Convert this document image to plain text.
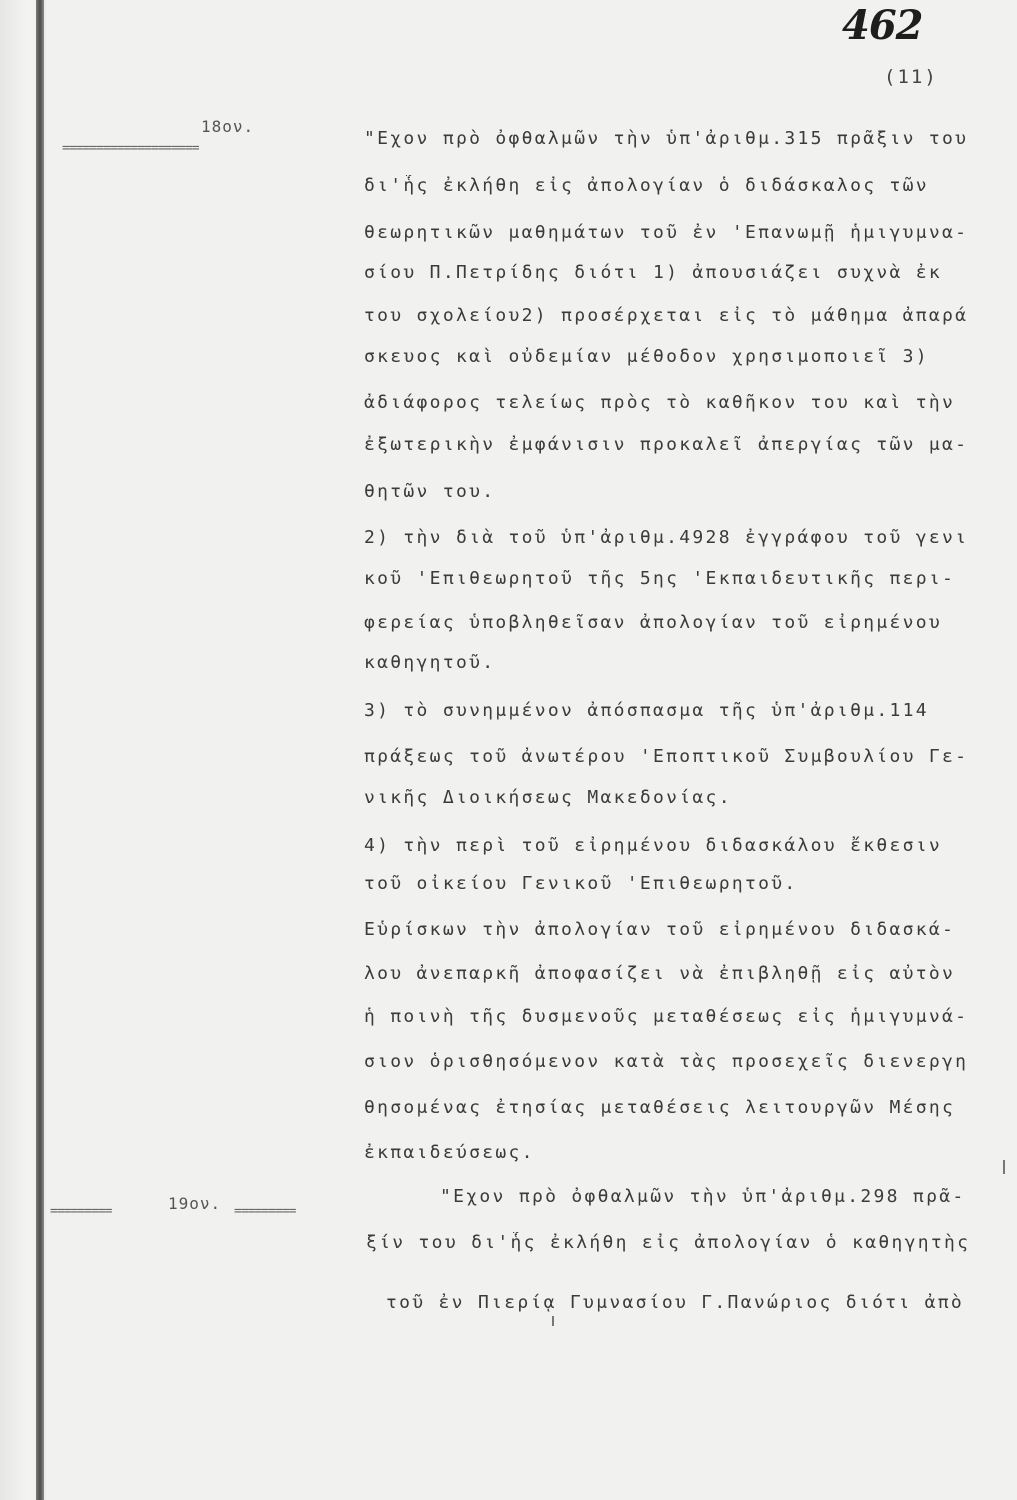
462
(11)
18ον.
====================	"Εχον πρὸ ὀφθαλμῶν τὴν ὑπ'ἀριθμ.315 πρᾶξιν του
δι'ἧς ἐκλήθη εἰς ἀπολογίαν ὁ διδάσκαλος τῶν
θεωρητικῶν μαθημάτων τοῦ ἐν 'Επανωμῇ ἡμιγυμνα-
σίου Π.Πετρίδης διότι 1) ἀπουσιάζει συχνὰ ἐκ
του σχολείου2) προσέρχεται εἰς τὸ μάθημα ἀπαρά
σκευος καὶ οὐδεμίαν μέθοδον χρησιμοποιεῖ 3)
ἀδιάφορος τελείως πρὸς τὸ καθῆκον του καὶ τὴν
ἐξωτερικὴν ἐμφάνισιν προκαλεῖ ἀπεργίας τῶν μα-
θητῶν του.
2) τὴν διὰ τοῦ ὑπ'ἀριθμ.4928 ἐγγράφου τοῦ γενι
κοῦ 'Επιθεωρητοῦ τῆς 5ης 'Εκπαιδευτικῆς περι-
φερείας ὑποβληθεῖσαν ἀπολογίαν τοῦ εἰρημένου
καθηγητοῦ.
3) τὸ συνημμένον ἀπόσπασμα τῆς ὑπ'ἀριθμ.114
πράξεως τοῦ ἀνωτέρου 'Εποπτικοῦ Συμβουλίου Γε-
νικῆς Διοικήσεως Μακεδονίας.
4) τὴν περὶ τοῦ εἰρημένου διδασκάλου ἔκθεσιν
τοῦ οἰκείου Γενικοῦ 'Επιθεωρητοῦ.
Εὑρίσκων τὴν ἀπολογίαν τοῦ εἰρημένου διδασκά-
λου ἀνεπαρκῆ ἀποφασίζει νὰ ἐπιβληθῇ εἰς αὐτὸν
ἡ ποινὴ τῆς δυσμενοῦς μεταθέσεως εἰς ἡμιγυμνά-
σιον ὁρισθησόμενον κατὰ τὰς προσεχεῖς διενεργη
θησομένας ἐτησίας μεταθέσεις λειτουργῶν Μέσης
ἐκπαιδεύσεως.
=========	19ον. =========
"Εχον πρὸ ὀφθαλμῶν τὴν ὑπ'ἀριθμ.298 πρᾶ-
ξίν του δι'ἧς ἐκλήθη εἰς ἀπολογίαν ὁ καθηγητὴς
τοῦ ἐν Πιερίᾳ Γυμνασίου Γ.Πανώριος διότι ἀπὸ
